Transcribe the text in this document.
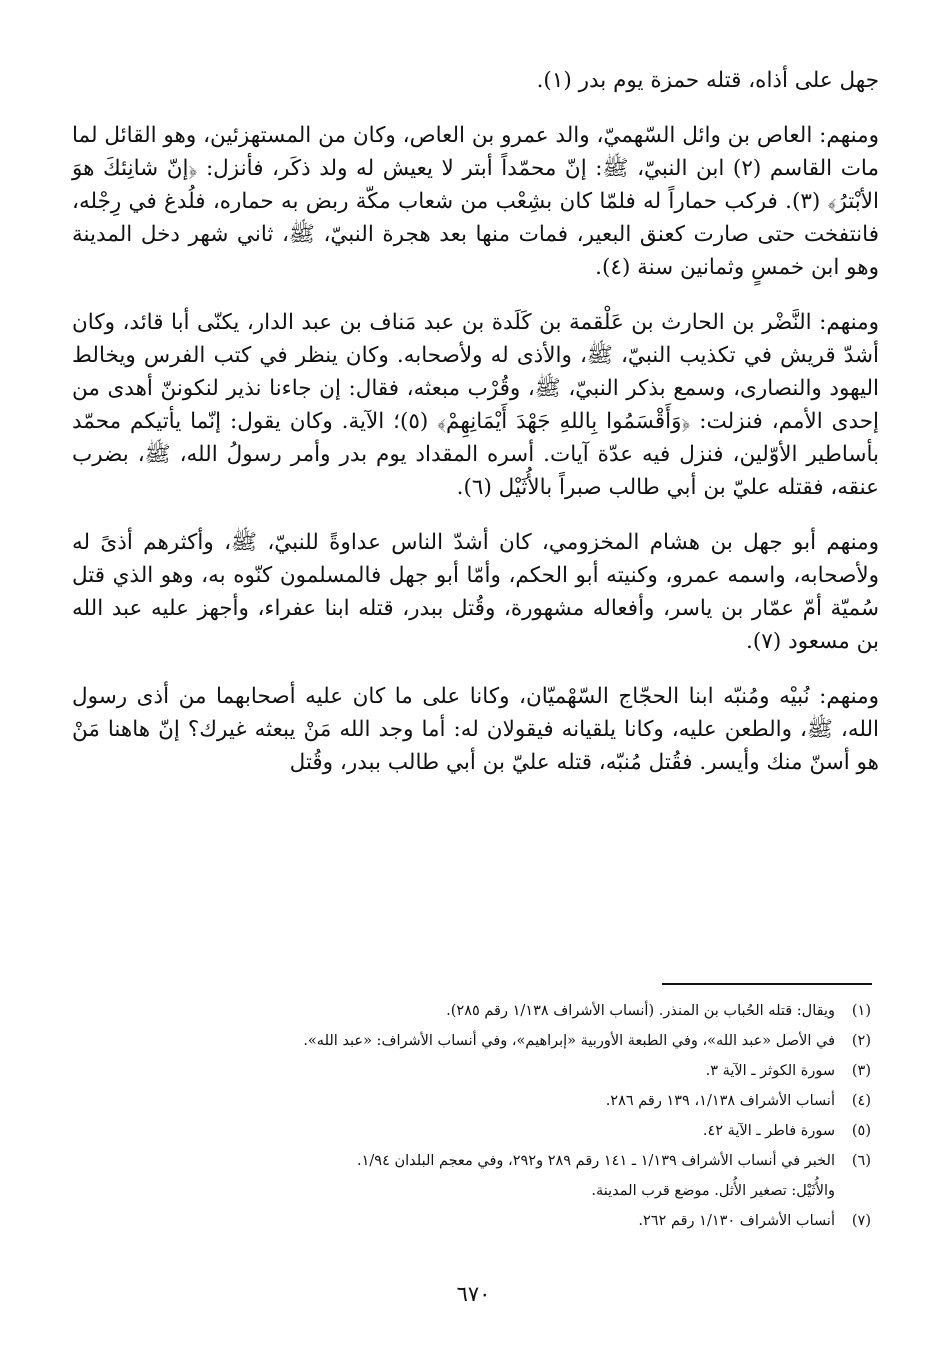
جهل على أذاه، قتله حمزة يوم بدر (١).

ومنهم: العاص بن وائل السّهميّ، والد عمرو بن العاص، وكان من المستهزئين، وهو القائل لما مات القاسم (٢) ابن النبيّ، ﷺ: إنّ محمّداً أبتر لا يعيش له ولد ذكَر، فأنزل: ﴿إنّ شانِئكَ هوَ الأبْترُ﴾ (٣). فركب حماراً له فلمّا كان بشِعْب من شعاب مكّة ربض به حماره، فلُدغ في رِجْله، فانتفخت حتى صارت كعنق البعير، فمات منها بعد هجرة النبيّ، ﷺ، ثاني شهر دخل المدينة وهو ابن خمسٍ وثمانين سنة (٤).

ومنهم: النَّضْر بن الحارث بن عَلْقمة بن كَلَدة بن عبد مَناف بن عبد الدار، يكنّى أبا قائد، وكان أشدّ قريش في تكذيب النبيّ، ﷺ، والأذى له ولأصحابه. وكان ينظر في كتب الفرس ويخالط اليهود والنصارى، وسمع بذكر النبيّ، ﷺ، وقُرْب مبعثه، فقال: إن جاءنا نذير لنكوننّ أهدى من إحدى الأمم، فنزلت: ﴿وَأَقْسَمُوا بِاللهِ جَهْدَ أَيْمَانِهِمْ﴾ (٥)؛ الآية. وكان يقول: إنّما يأتيكم محمّد بأساطير الأوّلين، فنزل فيه عدّة آيات. أسره المقداد يوم بدر وأمر رسولُ الله، ﷺ، بضرب عنقه، فقتله عليّ بن أبي طالب صبراً بالأُثَيْل (٦).

ومنهم أبو جهل بن هشام المخزومي، كان أشدّ الناس عداوةً للنبيّ، ﷺ، وأكثرهم أذىً له ولأصحابه، واسمه عمرو، وكنيته أبو الحكم، وأمّا أبو جهل فالمسلمون كنّوه به، وهو الذي قتل سُميّة أمّ عمّار بن ياسر، وأفعاله مشهورة، وقُتل ببدر، قتله ابنا عفراء، وأجهز عليه عبد الله بن مسعود (٧).

ومنهم: نُبيْه ومُنبّه ابنا الحجّاج السّهْميّان، وكانا على ما كان عليه أصحابهما من أذى رسول الله، ﷺ، والطعن عليه، وكانا يلقيانه فيقولان له: أما وجد الله مَنْ يبعثه غيرك؟ إنّ هاهنا مَنْ هو أسنّ منك وأيسر. فقُتل مُنبّه، قتله عليّ بن أبي طالب ببدر، وقُتل

(١)
ويقال: قتله الحُباب بن المنذر. (أنساب الأشراف ١/١٣٨ رقم ٢٨٥).
(٢)
في الأصل «عبد الله»، وفي الطبعة الأوربية «إبراهيم»، وفي أنساب الأشراف: «عبد الله».
(٣)
سورة الكوثر ـ الآية ٣.
(٤)
أنساب الأشراف ١/١٣٨، ١٣٩ رقم ٢٨٦.
(٥)
سورة فاطر ـ الآية ٤٢.
(٦)
الخبر في أنساب الأشراف ١/١٣٩ ـ ١٤١ رقم ٢٨٩ و٢٩٢، وفي معجم البلدان ١/٩٤.
والأُثَيْل: تصغير الأُثل. موضع قرب المدينة.
(٧)
أنساب الأشراف ١/١٣٠ رقم ٢٦٢.
٦٧٠
